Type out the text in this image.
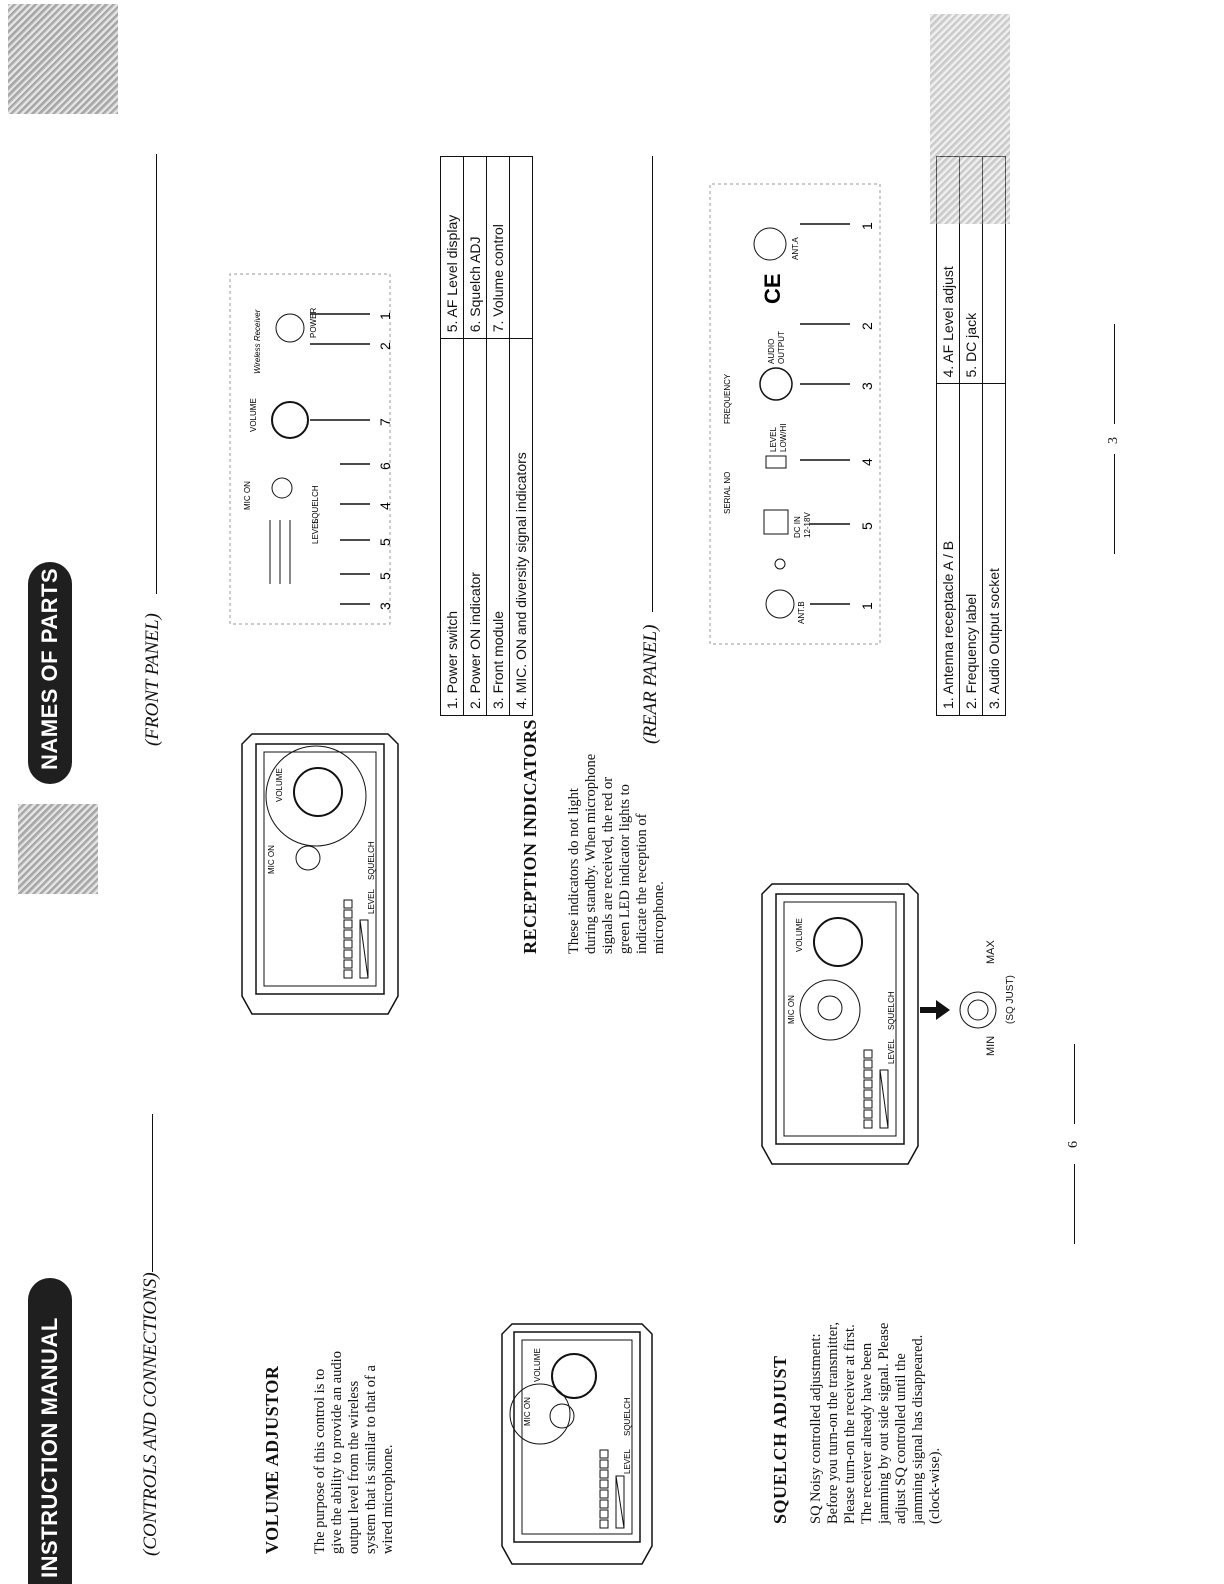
INSTRUCTION MANUAL	(CONTROLS AND CONNECTIONS)	VOLUME ADJUSTOR The purpose of this control is to give the ability to provide an audio output level from the wireless system that is similar to that of a wired microphone.	LEVEL
SQUELCH
VOLUME
MIC ON	SQUELCH ADJUST SQ Noisy controlled adjustment: Before you turn-on the transmitter, Please turn-on the receiver at first. The receiver already have been jamming by out side signal. Please adjust SQ controlled until the jamming signal has disappeared. (clock-wise).
LEVEL
SQUELCH
MIC ON
VOLUME	RECEPTION INDICATORS These indicators do not light during standby. When microphone signals are received, the red or green LED indicator lights to indicate the reception of microphone.
LEVEL
MIC ON	SQUELCH
VOLUME
MIN
MAX
(SQ JUST)
6
NAMES OF PARTS	(FRONT PANEL)
LEVEL
SQUELCH
MIC ON
VOLUME
Wireless Receiver	POWER
3
5
5
4
6
7
2
1
1. Power switch	5. AF Level display
2. Power ON indicator	6. Squelch ADJ
3. Front module	7. Volume control
4. MIC. ON and diversity signal indicators		(REAR PANEL)
ANT.B
DC IN 12-18V
SERIAL NO
LEVEL LOW/HI
FREQUENCY
AUDIO OUTPUT
CE
ANT.A
1
5
4
3
2
1
1. Antenna receptacle A / B	4. AF Level adjust
2. Frequency label	5. DC jack
3. Audio Output socket	
3
